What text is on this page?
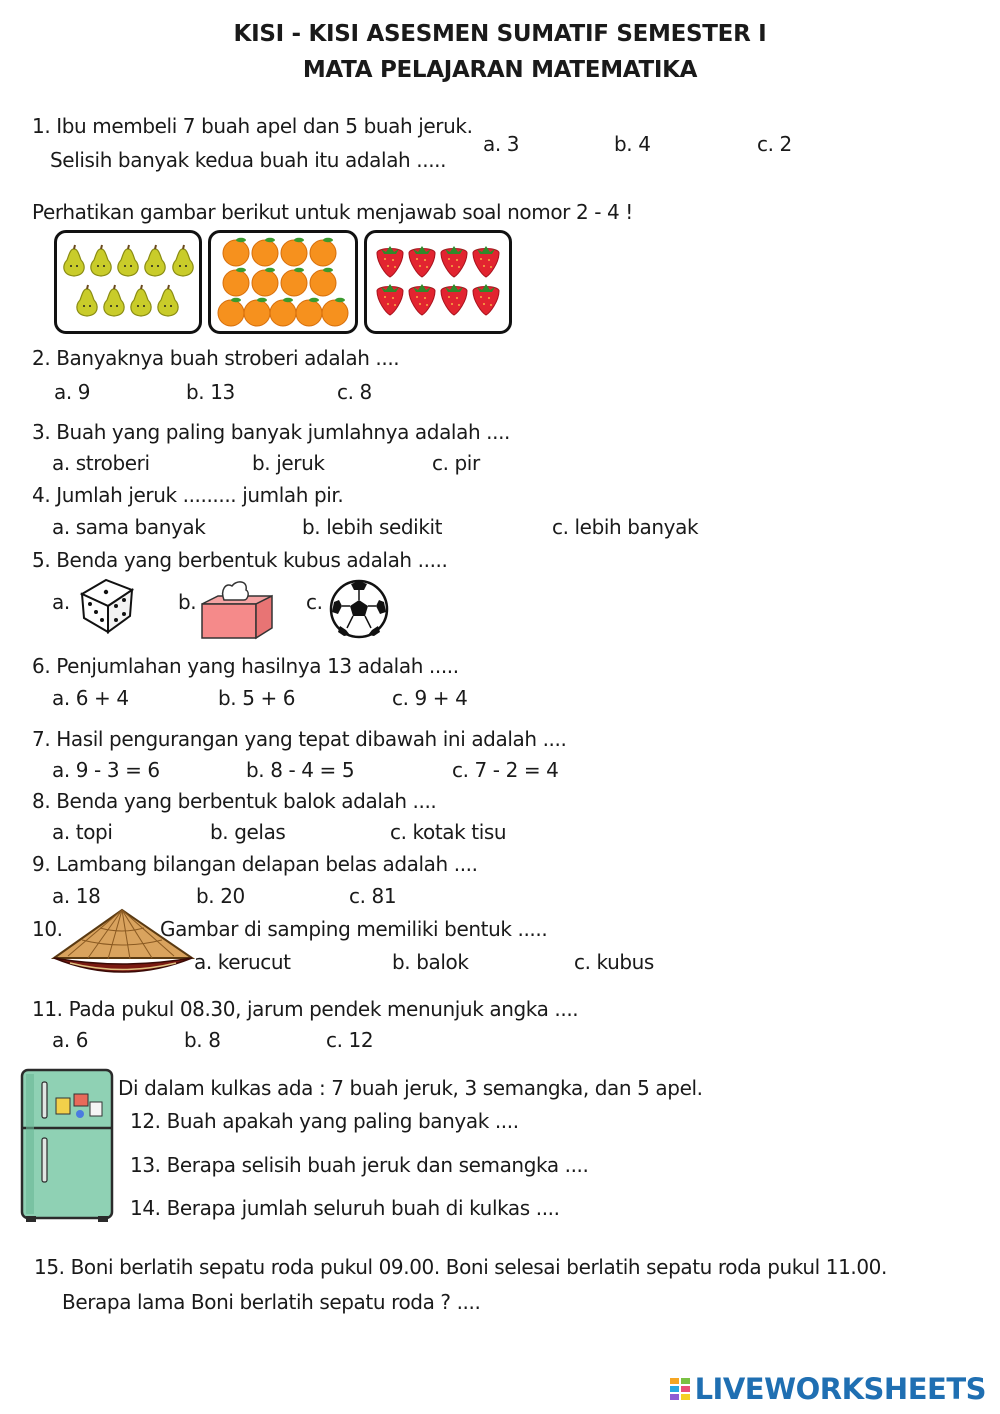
KISI - KISI ASESMEN SUMATIF SEMESTER I
MATA PELAJARAN MATEMATIKA
1. Ibu membeli 7 buah apel dan 5 buah jeruk.
Selisih banyak kedua buah itu adalah .....
a. 3	b. 4	c. 2
Perhatikan gambar berikut untuk menjawab soal nomor 2 - 4 !
2. Banyaknya buah stroberi adalah ....
a. 9	b. 13	c. 8
3. Buah yang paling banyak jumlahnya adalah ....
a. stroberi	b. jeruk	c. pir
4. Jumlah jeruk ......... jumlah pir.
a. sama banyak	b. lebih sedikit	c. lebih banyak
5. Benda yang berbentuk kubus adalah .....
a.	b.	c.
6. Penjumlahan yang hasilnya 13 adalah .....
a. 6 + 4	b. 5 + 6	c. 9 + 4
7. Hasil pengurangan yang tepat dibawah ini adalah ....
a. 9 - 3 = 6	b. 8 - 4 = 5	c. 7 - 2 = 4
8. Benda yang berbentuk balok adalah ....
a. topi	b. gelas	c. kotak tisu
9. Lambang bilangan delapan belas adalah ....
a. 18	b. 20	c. 81
10.	Gambar di samping memiliki bentuk .....
a. kerucut	b. balok	c. kubus
11. Pada pukul 08.30, jarum pendek menunjuk angka ....
a. 6	b. 8	c. 12
Di dalam kulkas ada : 7 buah jeruk, 3 semangka, dan 5 apel.
12. Buah apakah yang paling banyak ....
13. Berapa selisih buah jeruk dan semangka ....
14. Berapa jumlah seluruh buah di kulkas ....
15. Boni berlatih sepatu roda pukul 09.00. Boni selesai berlatih sepatu roda pukul 11.00.
Berapa lama Boni berlatih sepatu roda ? ....
LIVEWORKSHEETS
